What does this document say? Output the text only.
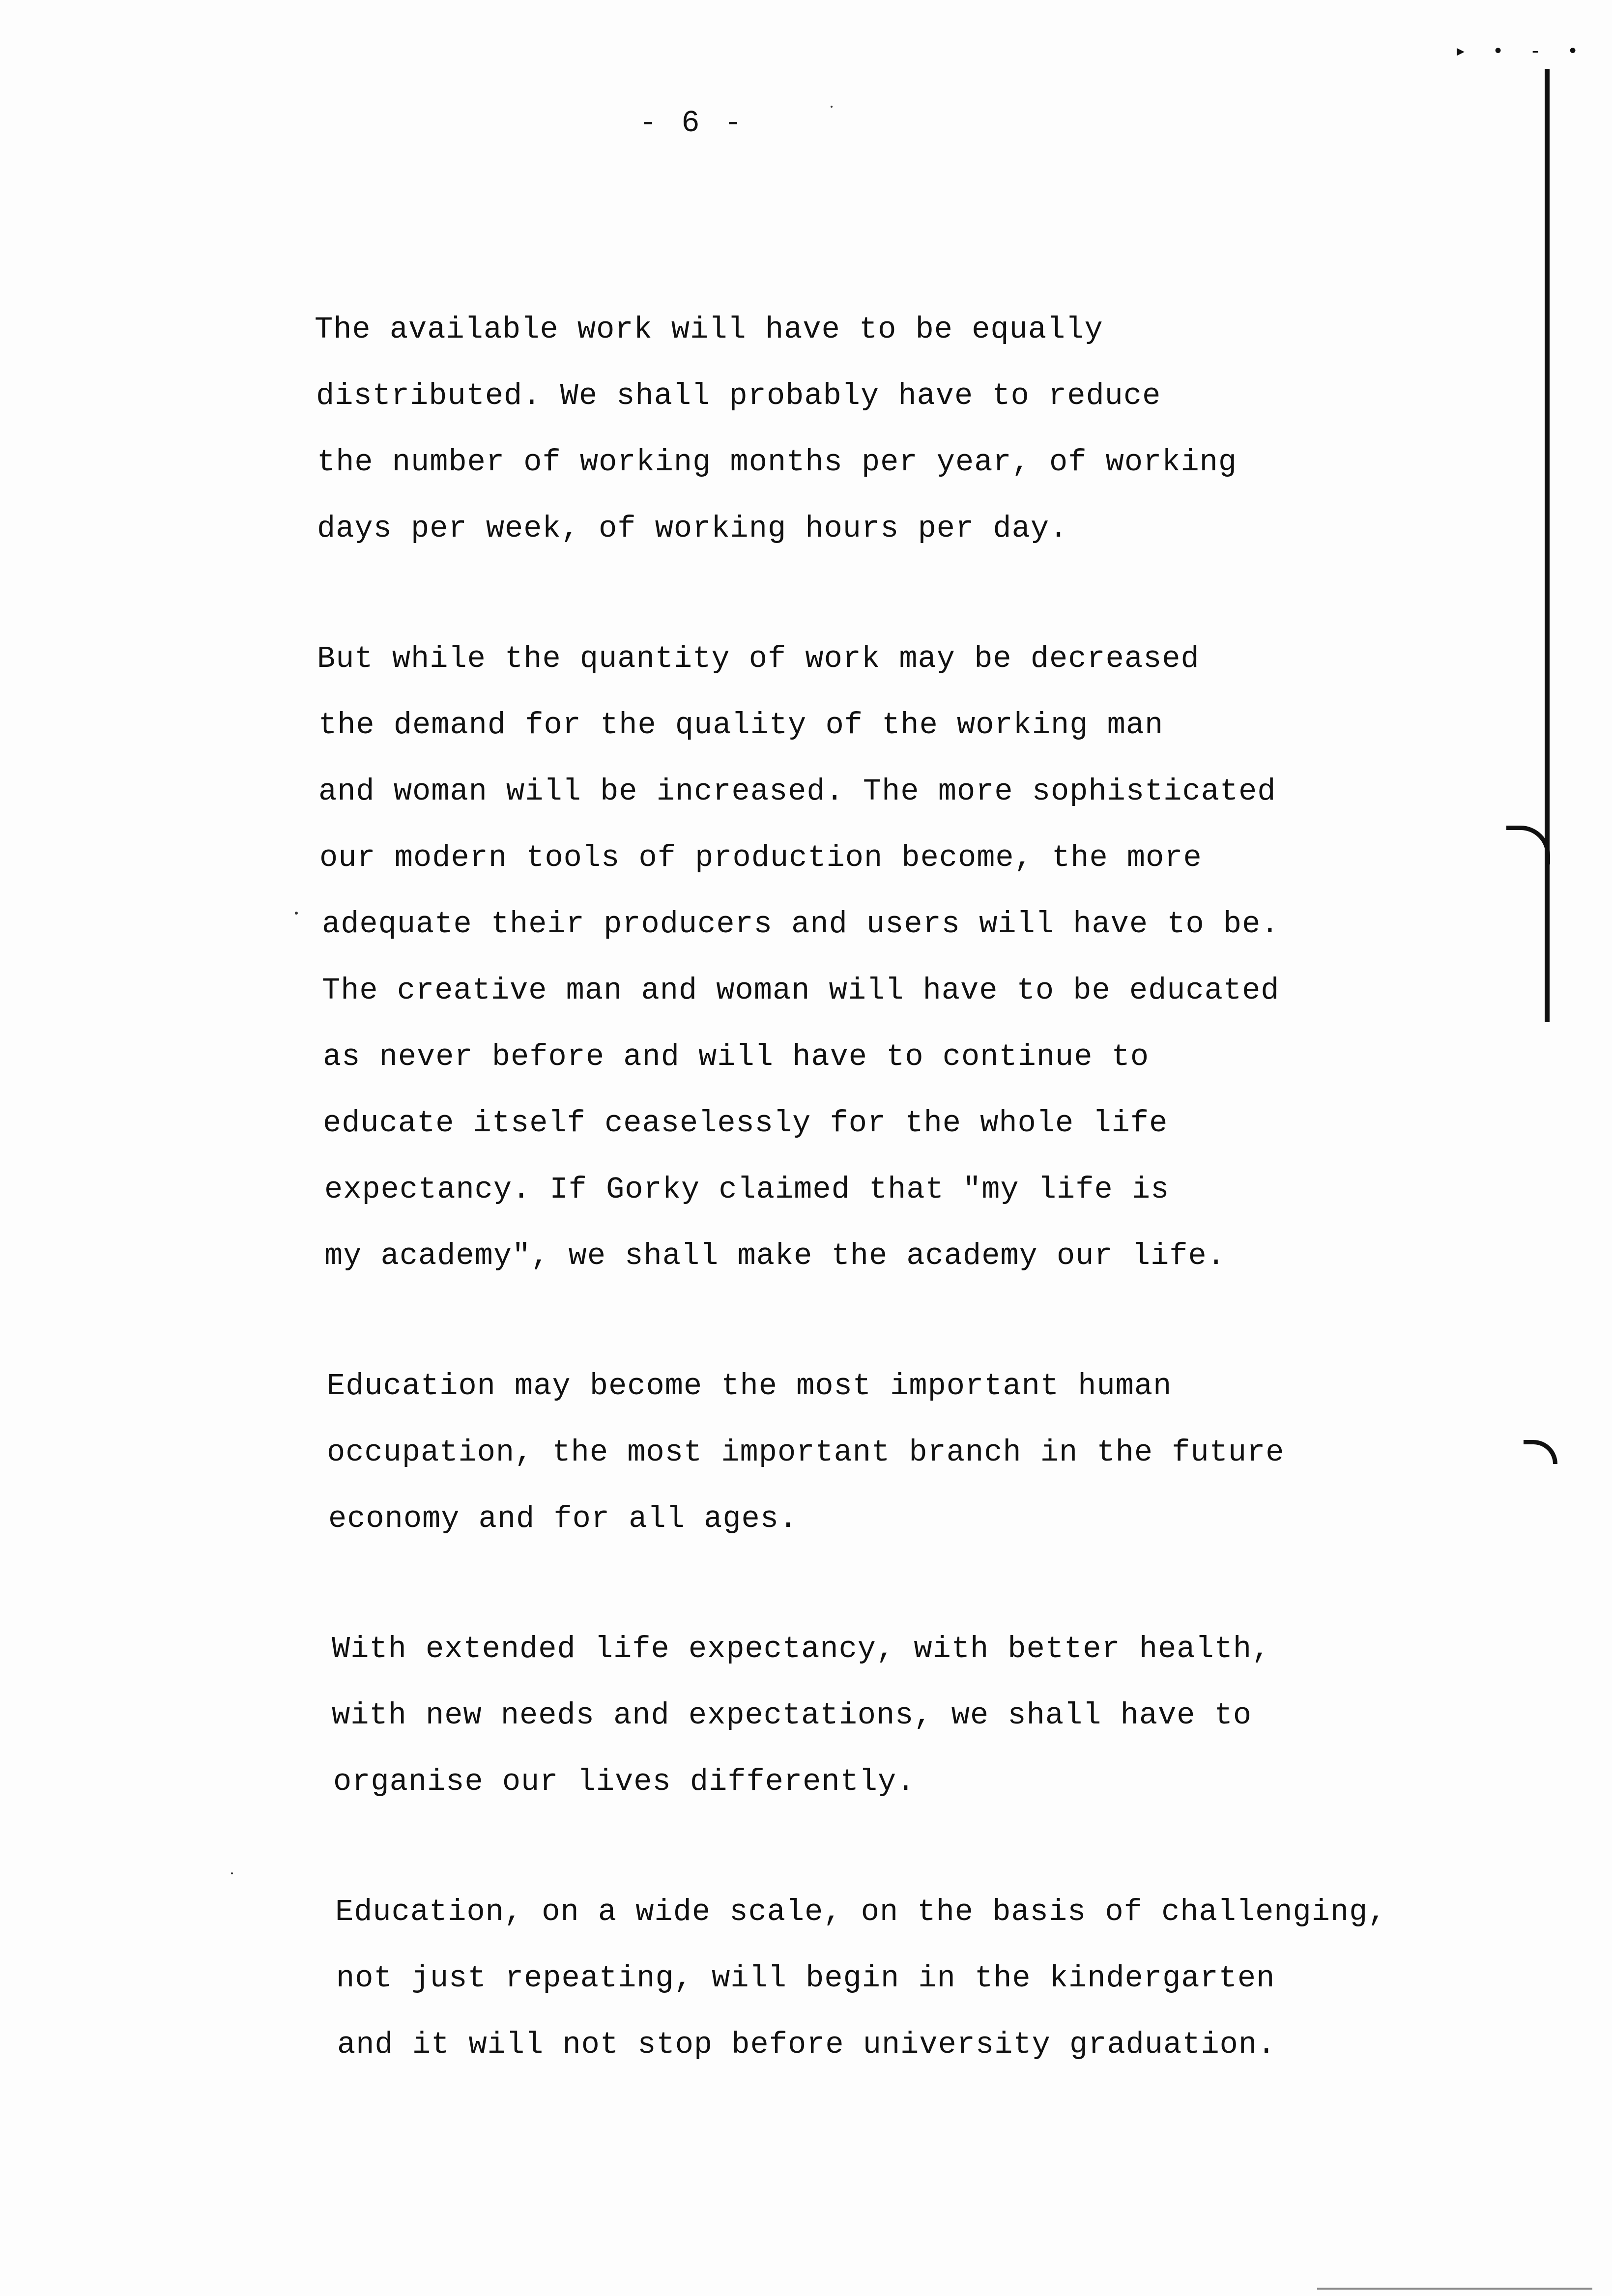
▸ • - •
- 6 -
The available work will have to be equally
distributed. We shall probably have to reduce
the number of working months per year, of working
days per week, of working hours per day.
But while the quantity of work may be decreased
the demand for the quality of the working man
and woman will be increased. The more sophisticated
our modern tools of production become, the more
adequate their producers and users will have to be.
The creative man and woman will have to be educated
as never before and will have to continue to
educate itself ceaselessly for the whole life
expectancy. If Gorky claimed that "my life is
my academy", we shall make the academy our life.
Education may become the most important human
occupation, the most important branch in the future
economy and for all ages.
With extended life expectancy, with better health,
with new needs and expectations, we shall have to
organise our lives differently.
Education, on a wide scale, on the basis of challenging,
not just repeating, will begin in the kindergarten
and it will not stop before university graduation.
